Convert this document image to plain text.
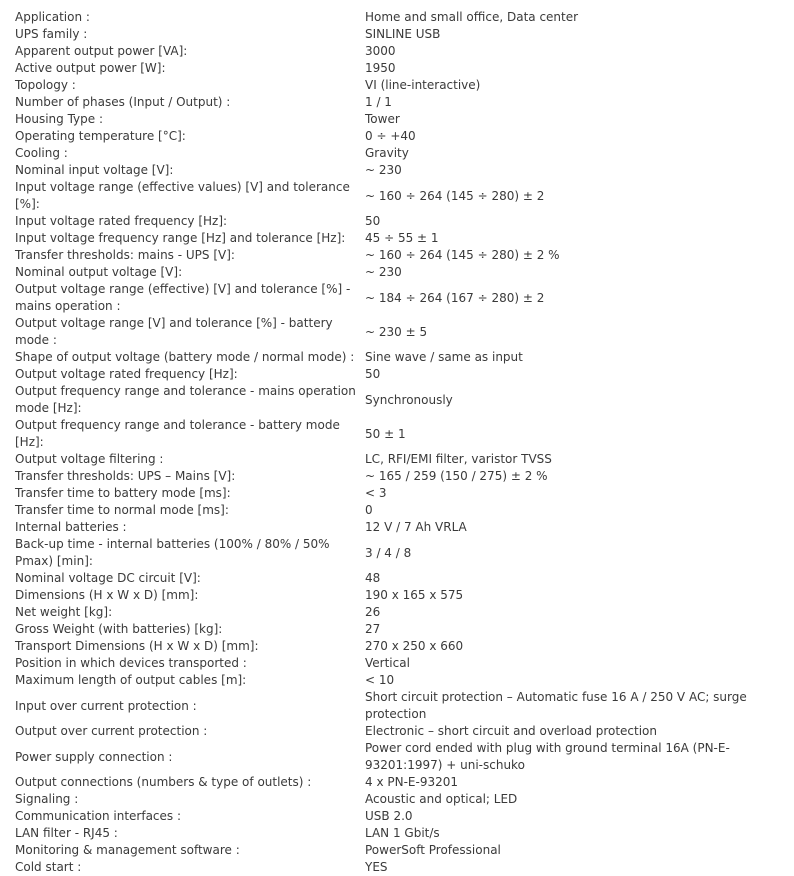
Application :	Home and small office, Data center
UPS family :	SINLINE USB
Apparent output power [VA]:	3000
Active output power [W]:	1950
Topology :	VI (line-interactive)
Number of phases (Input / Output) :	1 / 1
Housing Type :	Tower
Operating temperature [°C]:	0 ÷ +40
Cooling :	Gravity
Nominal input voltage [V]:	~ 230
Input voltage range (effective values) [V] and tolerance [%]:	~ 160 ÷ 264 (145 ÷ 280) ± 2
Input voltage rated frequency [Hz]:	50
Input voltage frequency range [Hz] and tolerance [Hz]:	45 ÷ 55 ± 1
Transfer thresholds: mains - UPS [V]:	~ 160 ÷ 264 (145 ÷ 280) ± 2 %
Nominal output voltage [V]:	~ 230
Output voltage range (effective) [V] and tolerance [%] - mains operation :	~ 184 ÷ 264 (167 ÷ 280) ± 2
Output voltage range [V] and tolerance [%] - battery mode :	~ 230 ± 5
Shape of output voltage (battery mode / normal mode) :	Sine wave / same as input
Output voltage rated frequency [Hz]:	50
Output frequency range and tolerance - mains operation mode [Hz]:	Synchronously
Output frequency range and tolerance - battery mode [Hz]:	50 ± 1
Output voltage filtering :	LC, RFI/EMI filter, varistor TVSS
Transfer thresholds: UPS – Mains [V]:	~ 165 / 259 (150 / 275) ± 2 %
Transfer time to battery mode [ms]:	< 3
Transfer time to normal mode [ms]:	0
Internal batteries :	12 V / 7 Ah VRLA
Back-up time - internal batteries (100% / 80% / 50% Pmax) [min]:	3 / 4 / 8
Nominal voltage DC circuit [V]:	48
Dimensions (H x W x D) [mm]:	190 x 165 x 575
Net weight [kg]:	26
Gross Weight (with batteries) [kg]:	27
Transport Dimensions (H x W x D) [mm]:	270 x 250 x 660
Position in which devices transported :	Vertical
Maximum length of output cables [m]:	< 10
Input over current protection :	Short circuit protection – Automatic fuse 16 A / 250 V AC; surge protection
Output over current protection :	Electronic – short circuit and overload protection
Power supply connection :	Power cord ended with plug with ground terminal 16A (PN-E-93201:1997) + uni-schuko
Output connections (numbers & type of outlets) :	4 x PN-E-93201
Signaling :	Acoustic and optical; LED
Communication interfaces :	USB 2.0
LAN filter - RJ45 :	LAN 1 Gbit/s
Monitoring & management software :	PowerSoft Professional
Cold start :	YES
